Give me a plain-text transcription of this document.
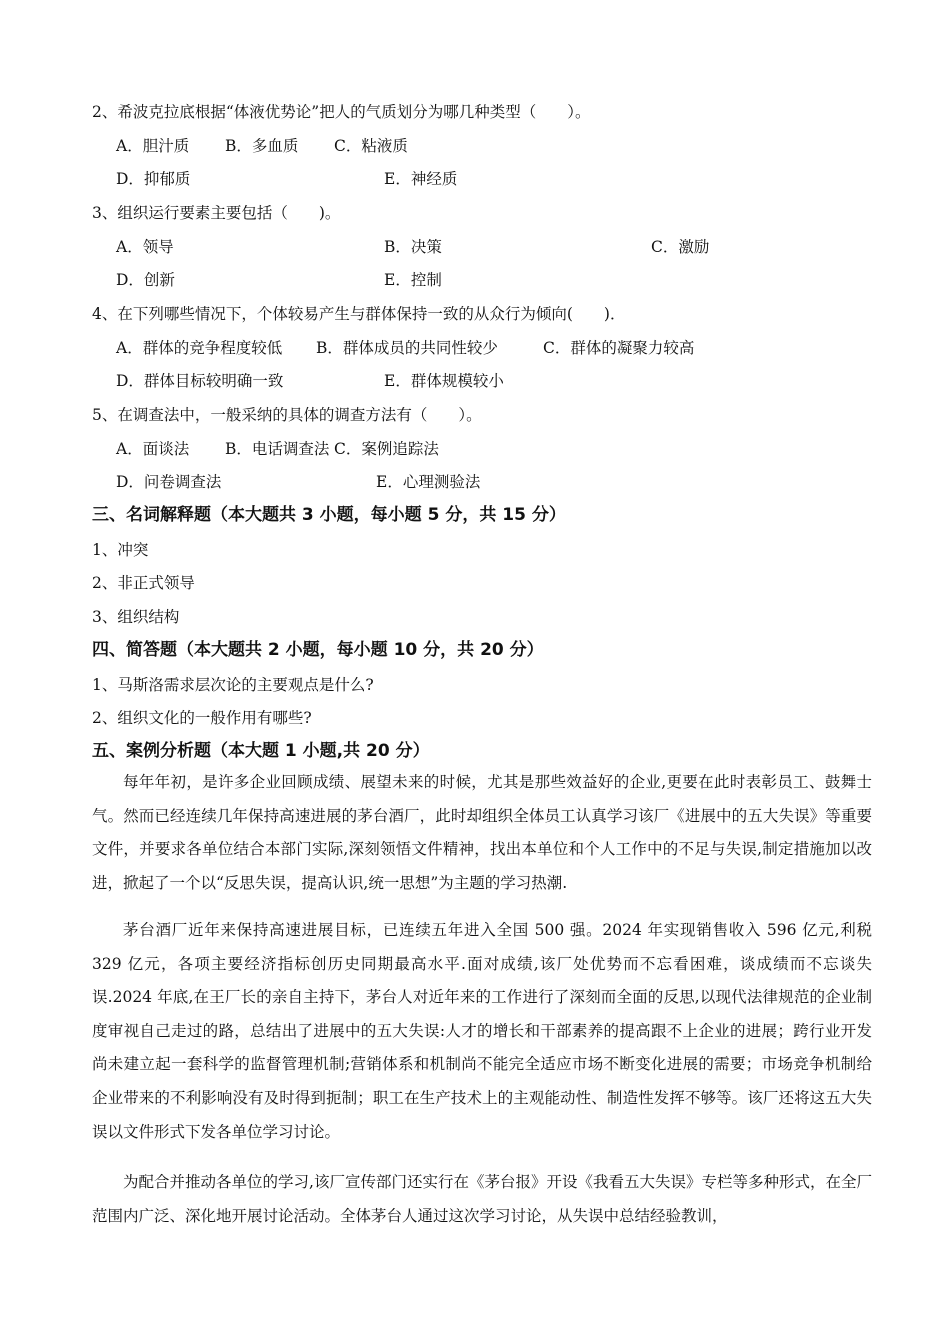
2、希波克拉底根据“体液优势论”把人的气质划分为哪几种类型（　　）。
A．胆汁质 B．多血质 C．粘液质
D．抑郁质	E．神经质
3、组织运行要素主要包括（　　)。
A．领导	B．决策	C．激励
D．创新	E．控制
4、在下列哪些情况下，个体较易产生与群体保持一致的从众行为倾向(　　)．
A．群体的竞争程度较低 B．群体成员的共同性较少	C．群体的凝聚力较高
D．群体目标较明确一致	E．群体规模较小
5、在调查法中，一般采纳的具体的调查方法有（　　）。
A．面谈法 B．电话调查法 C．案例追踪法
D．问卷调查法	E．心理测验法
三、名词解释题（本大题共 3 小题，每小题 5 分，共 15 分）
1、冲突
2、非正式领导
3、组织结构
四、简答题（本大题共 2 小题，每小题 10 分，共 20 分）
1、马斯洛需求层次论的主要观点是什么?
2、组织文化的一般作用有哪些?
五、案例分析题（本大题 1 小题,共 20 分）

每年年初，是许多企业回顾成绩、展望未来的时候，尤其是那些效益好的企业,更要在此时表彰员工、鼓舞士气。然而已经连续几年保持高速进展的茅台酒厂，此时却组织全体员工认真学习该厂《进展中的五大失误》等重要文件，并要求各单位结合本部门实际,深刻领悟文件精神，找出本单位和个人工作中的不足与失误,制定措施加以改进，掀起了一个以“反思失误，提高认识,统一思想”为主题的学习热潮.

茅台酒厂近年来保持高速进展目标，已连续五年进入全国 500 强。2024 年实现销售收入 596 亿元,利税 329 亿元，各项主要经济指标创历史同期最高水平.面对成绩,该厂处优势而不忘看困难，谈成绩而不忘谈失误.2024 年底,在王厂长的亲自主持下，茅台人对近年来的工作进行了深刻而全面的反思,以现代法律规范的企业制度审视自己走过的路，总结出了进展中的五大失误:人才的增长和干部素养的提高跟不上企业的进展；跨行业开发尚未建立起一套科学的监督管理机制;营销体系和机制尚不能完全适应市场不断变化进展的需要；市场竞争机制给企业带来的不利影响没有及时得到扼制；职工在生产技术上的主观能动性、制造性发挥不够等。该厂还将这五大失误以文件形式下发各单位学习讨论。

为配合并推动各单位的学习,该厂宣传部门还实行在《茅台报》开设《我看五大失误》专栏等多种形式，在全厂范围内广泛、深化地开展讨论活动。全体茅台人通过这次学习讨论，从失误中总结经验教训，
